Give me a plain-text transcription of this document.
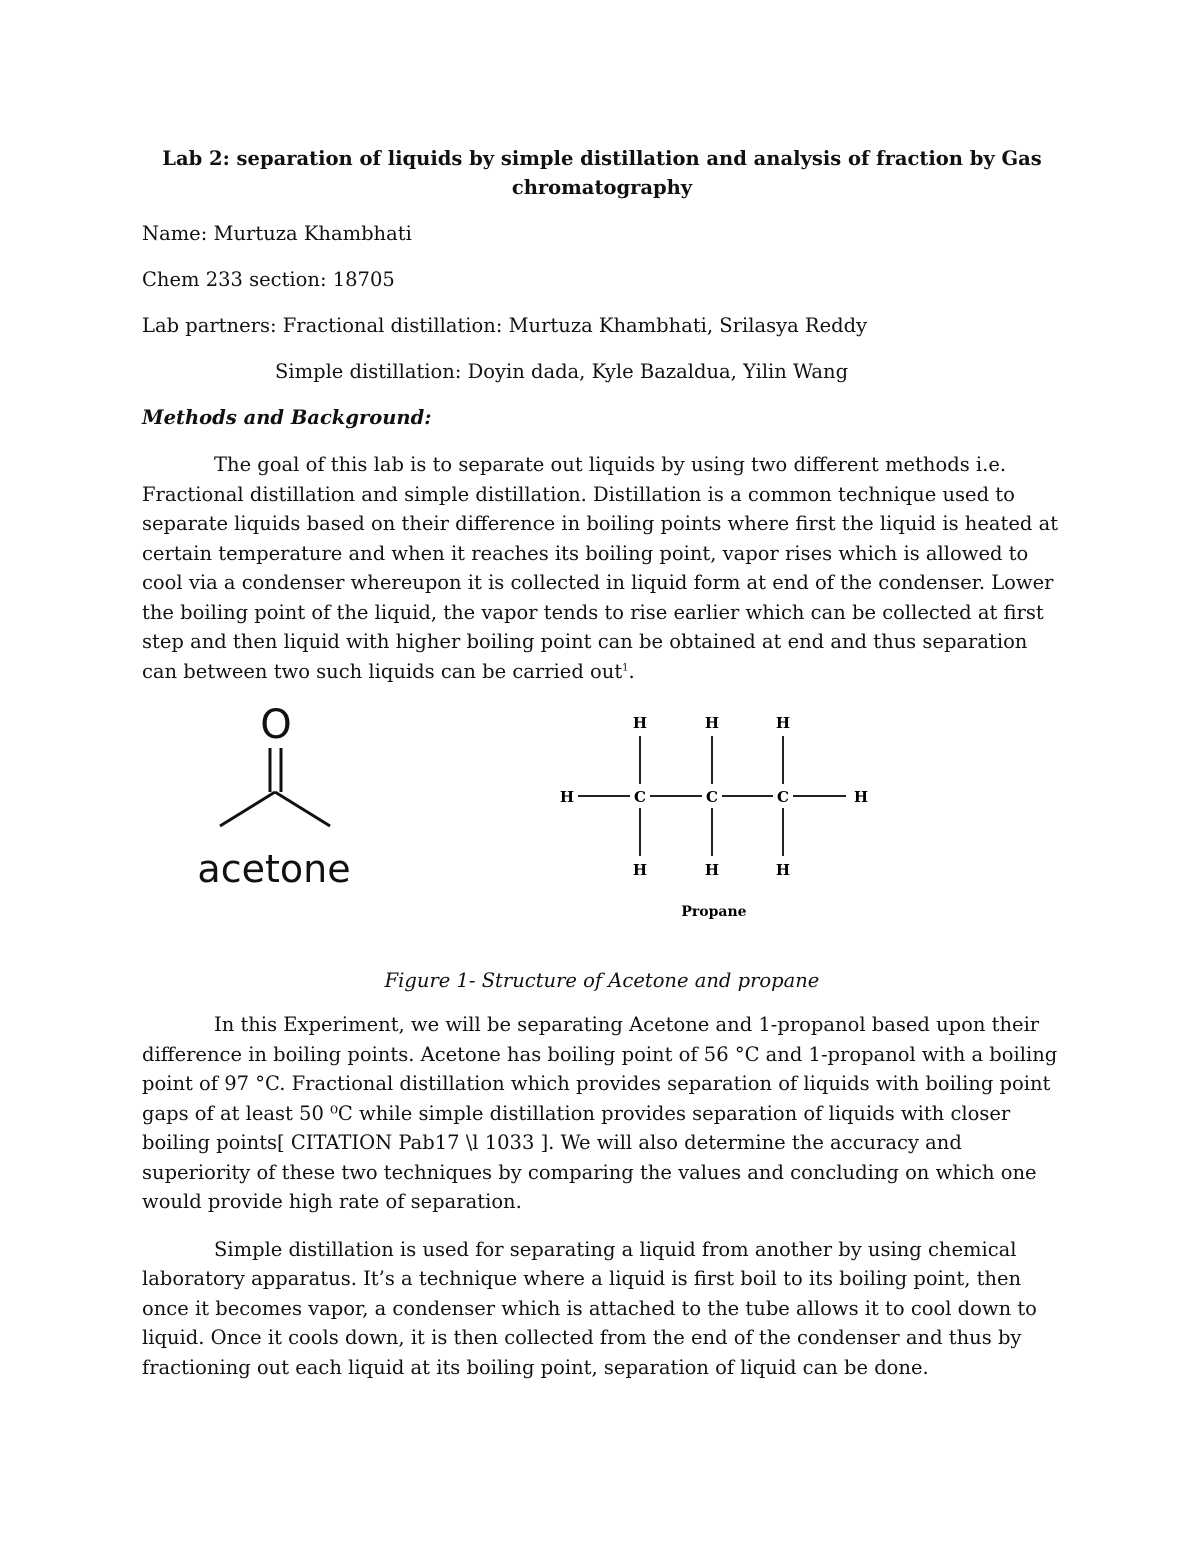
Lab 2: separation of liquids by simple distillation and analysis of fraction by Gas chromatography

Name: Murtuza Khambhati

Chem 233 section: 18705

Lab partners: Fractional distillation: Murtuza Khambhati, Srilasya Reddy

Simple distillation: Doyin dada, Kyle Bazaldua, Yilin Wang

Methods and Background:

The goal of this lab is to separate out liquids by using two different methods i.e. Fractional distillation and simple distillation. Distillation is a common technique used to separate liquids based on their difference in boiling points where first the liquid is heated at certain temperature and when it reaches its boiling point, vapor rises which is allowed to cool via a condenser whereupon it is collected in liquid form at end of the condenser. Lower the boiling point of the liquid, the vapor tends to rise earlier which can be collected at first step and then liquid with higher boiling point can be obtained at end and thus separation can between two such liquids can be carried out$^1$.

O
acetone
H	H	H
H	C	C	C	H
H	H	H
Propane

Figure 1- Structure of Acetone and propane

In this Experiment, we will be separating Acetone and 1-propanol based upon their difference in boiling points. Acetone has boiling point of 56 °C and 1-propanol with a boiling point of 97 °C. Fractional distillation which provides separation of liquids with boiling point gaps of at least 50 ⁰C while simple distillation provides separation of liquids with closer boiling points[ CITATION Pab17 \l 1033 ]. We will also determine the accuracy and superiority of these two techniques by comparing the values and concluding on which one would provide high rate of separation.

Simple distillation is used for separating a liquid from another by using chemical laboratory apparatus. It’s a technique where a liquid is first boil to its boiling point, then once it becomes vapor, a condenser which is attached to the tube allows it to cool down to liquid. Once it cools down, it is then collected from the end of the condenser and thus by fractioning out each liquid at its boiling point, separation of liquid can be done.
